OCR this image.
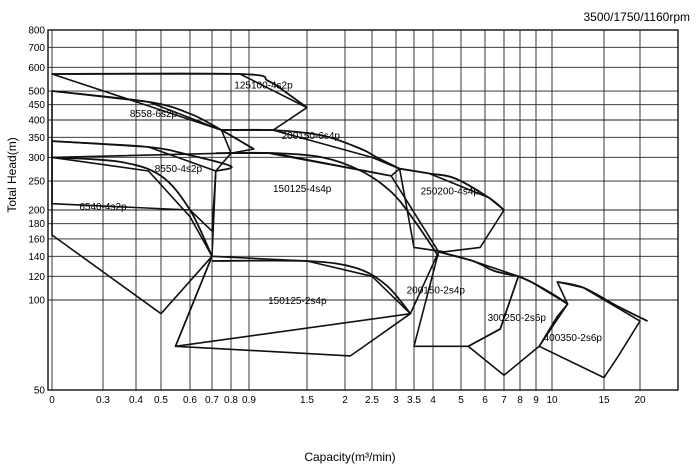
800
700
600
500
450
400
350
300
250
200
180
160
140
120
100
50
0	0.3 0.4 0.5 0.6 0.7 0.8 0.9	1.5	2 2.5 3 3.5 4 5 6 7 8 9 10	15 20
125100-4s2p
8558-6s2p
200150-6s4p
8550-4s2p
150125-4s4p	250200-4s4p
6540-4s2p
200150-2s4p
150125-2s4p
300250-2s6p
400350-2s6p
3500/1750/1160rpm
Capacity(m³/min)
Total Head(m)
